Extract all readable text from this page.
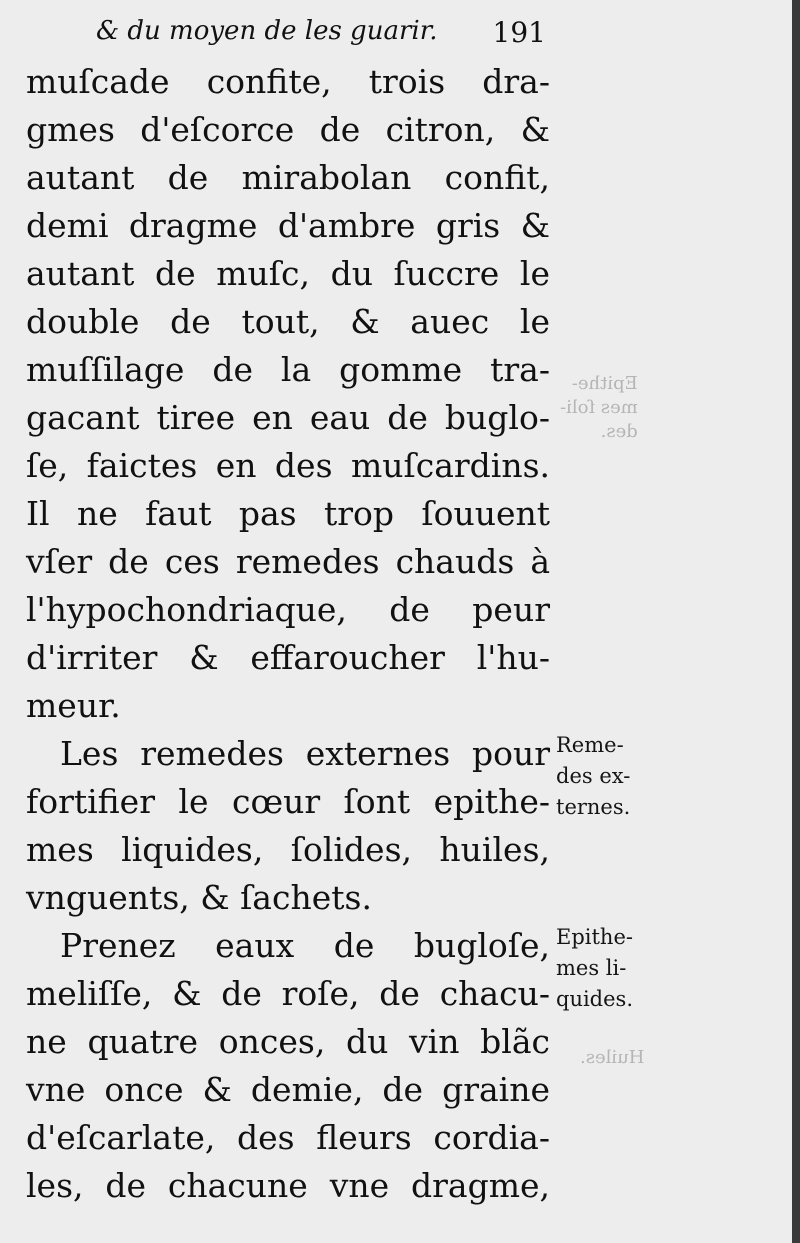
Epithe-
mes ſoli-
des.
Huiles.
& du moyen de les guarir. 191
muſcade confite, trois dra-
gmes d'eſcorce de citron, &
autant de mirabolan confit,
demi dragme d'ambre gris &
autant de muſc, du ſuccre le
double de tout, & auec le
muſſilage de la gomme tra-
gacant tiree en eau de buglo-
ſe, faictes en des muſcardins.
Il ne faut pas trop ſouuent
vſer de ces remedes chauds à
l'hypochondriaque, de peur
d'irriter & effaroucher l'hu-
meur.
Les remedes externes pour
fortifier le cœur ſont epithe-
mes liquides, ſolides, huiles,
vnguents, & ſachets.
Prenez eaux de bugloſe,
meliſſe, & de roſe, de chacu-
ne quatre onces, du vin blãc
vne once & demie, de graine
d'eſcarlate, des fleurs cordia-
les, de chacune vne dragme,
Reme-
des ex-
ternes.
Epithe-
mes li-
quides.
